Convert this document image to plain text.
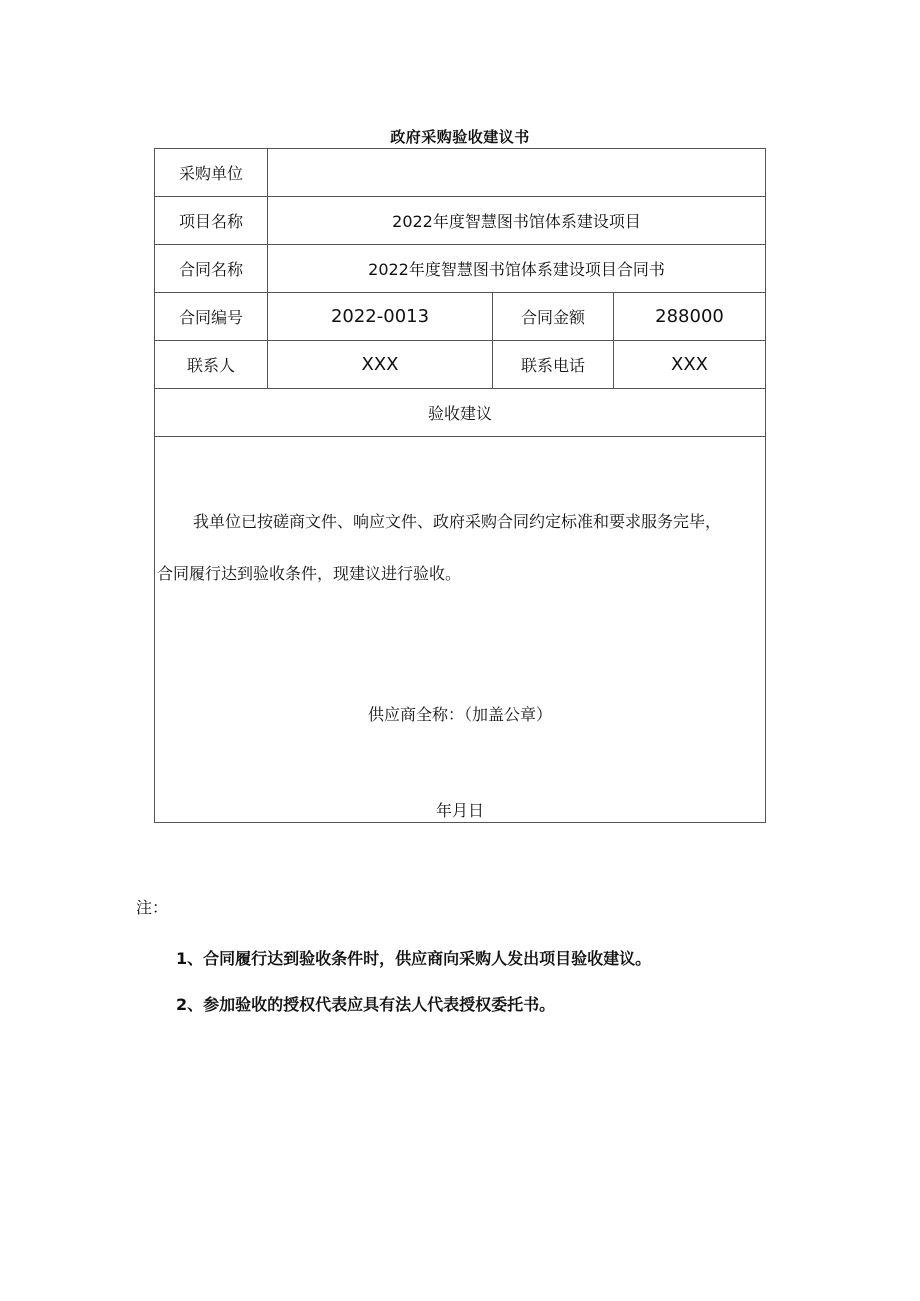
政府采购验收建议书
采购单位			
项目名称	2022年度智慧图书馆体系建设项目		
合同名称	2022年度智慧图书馆体系建设项目合同书		
合同编号	2022-0013	合同金额	288000
联系人	XXX	联系电话	XXX
验收建议			

我单位已按磋商文件、响应文件、政府采购合同约定标准和要求服务完毕，
合同履行达到验收条件，现建议进行验收。
供应商全称：（加盖公章）
年月日			
注：
1、合同履行达到验收条件时，供应商向采购人发出项目验收建议。
2、参加验收的授权代表应具有法人代表授权委托书。
